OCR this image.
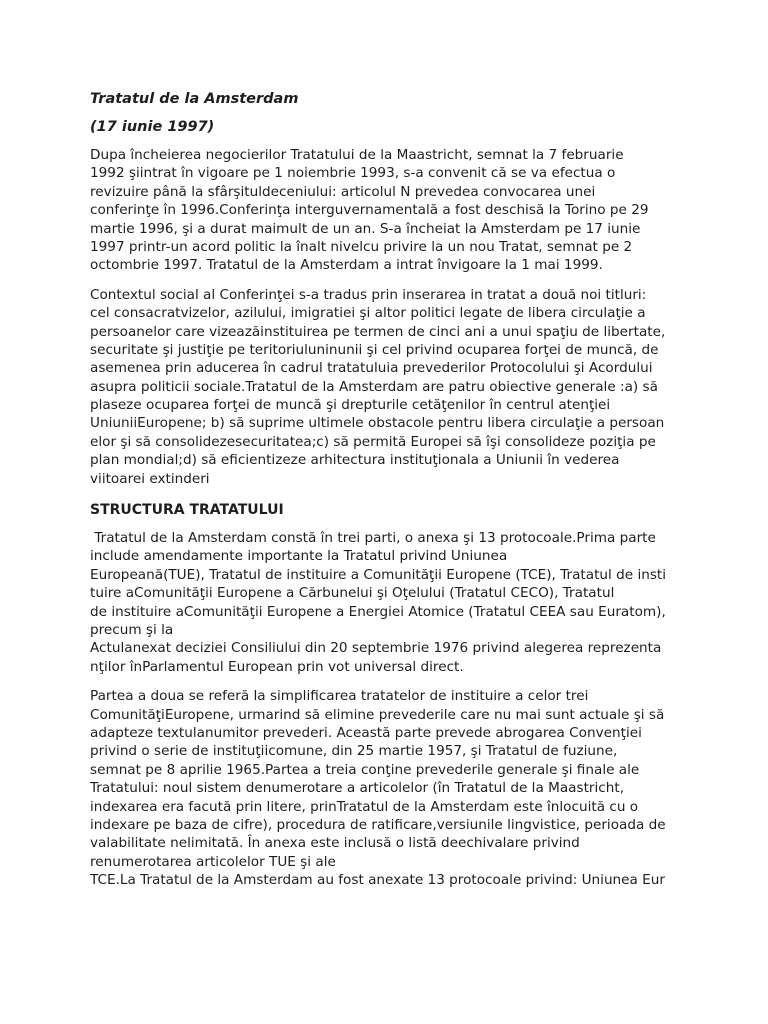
Tratatul de la Amsterdam
(17 iunie 1997)
Dupa încheierea negocierilor Tratatului de la Maastricht, semnat la 7 februarie
1992 şiintrat în vigoare pe 1 noiembrie 1993, s-a convenit că se va efectua o
revizuire până la sfârşituldeceniului: articolul N prevedea convocarea unei
conferinţe în 1996.Conferinţa interguvernamentală a fost deschisă la Torino pe 29
martie 1996, şi a durat maimult de un an. S-a încheiat la Amsterdam pe 17 iunie
1997 printr-un acord politic la înalt nivelcu privire la un nou Tratat, semnat pe 2
octombrie 1997. Tratatul de la Amsterdam a intrat învigoare la 1 mai 1999.
Contextul social al Conferinţei s-a tradus prin inserarea in tratat a două noi titluri:
cel consacratvizelor, azilului, imigratiei şi altor politici legate de libera circulaţie a
persoanelor care vizeazăinstituirea pe termen de cinci ani a unui spaţiu de libertate,
securitate şi justiţie pe teritoriuluninunii şi cel privind ocuparea forţei de muncă, de
asemenea prin aducerea în cadrul tratatuluia prevederilor Protocolului şi Acordului
asupra politicii sociale.Tratatul de la Amsterdam are patru obiective generale :a) să
plaseze ocuparea forţei de muncă şi drepturile cetăţenilor în centrul atenţiei
UniuniiEuropene; b) să suprime ultimele obstacole pentru libera circulaţie a persoan
elor şi să consolidezesecuritatea;c) să permită Europei să îşi consolideze poziţia pe
plan mondial;d) să eficientizeze arhitectura instituţionala a Uniunii în vederea
viitoarei extinderi
STRUCTURA TRATATULUI
Tratatul de la Amsterdam constă în trei parti, o anexa şi 13 protocoale.Prima parte
include amendamente importante la Tratatul privind Uniunea
Europeană(TUE), Tratatul de instituire a Comunităţii Europene (TCE), Tratatul de insti
tuire aComunităţii Europene a Cărbunelui şi Oţelului (Tratatul CECO), Tratatul
de instituire aComunităţii Europene a Energiei Atomice (Tratatul CEEA sau Euratom),
precum şi la
Actulanexat deciziei Consiliului din 20 septembrie 1976 privind alegerea reprezenta
nţilor înParlamentul European prin vot universal direct.
Partea a doua se referă la simplificarea tratatelor de instituire a celor trei
ComunităţiEuropene, urmarind să elimine prevederile care nu mai sunt actuale şi să
adapteze textulanumitor prevederi. Această parte prevede abrogarea Convenţiei
privind o serie de instituţiicomune, din 25 martie 1957, şi Tratatul de fuziune,
semnat pe 8 aprilie 1965.Partea a treia conţine prevederile generale şi finale ale
Tratatului: noul sistem denumerotare a articolelor (în Tratatul de la Maastricht,
indexarea era facută prin litere, prinTratatul de la Amsterdam este înlocuită cu o
indexare pe baza de cifre), procedura de ratificare,versiunile lingvistice, perioada de
valabilitate nelimitată. În anexa este inclusă o listă deechivalare privind
renumerotarea articolelor TUE şi ale
TCE.La Tratatul de la Amsterdam au fost anexate 13 protocoale privind: Uniunea Eur
